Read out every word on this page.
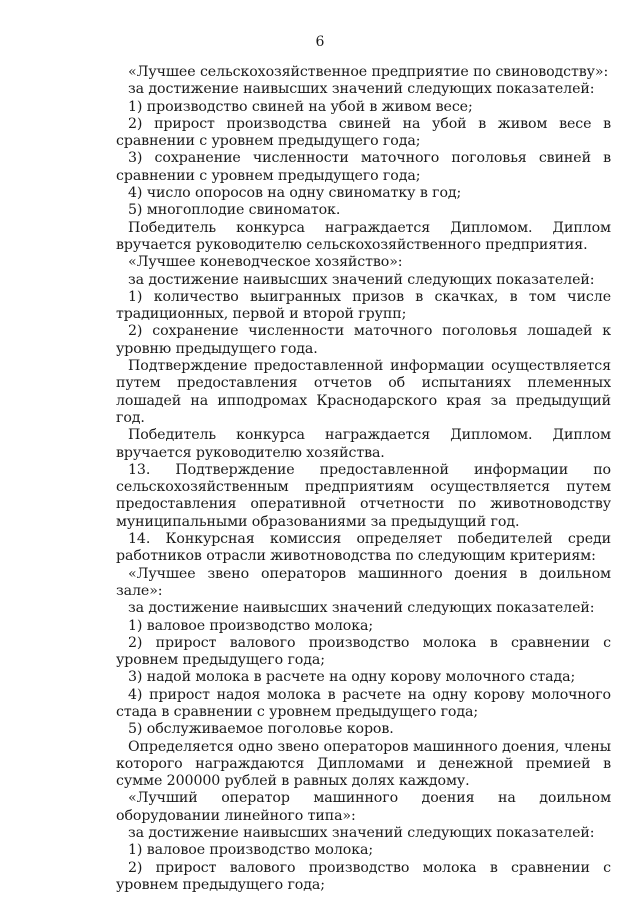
6

«Лучшее сельскохозяйственное предприятие по свиноводству»:

за достижение наивысших значений следующих показателей:

1) производство свиней на убой в живом весе;

2) прирост производства свиней на убой в живом весе в сравнении с уровнем предыдущего года;

3) сохранение численности маточного поголовья свиней в сравнении с уровнем предыдущего года;

4) число опоросов на одну свиноматку в год;

5) многоплодие свиноматок.

Победитель конкурса награждается Дипломом. Диплом вручается руководителю сельскохозяйственного предприятия.

«Лучшее коневодческое хозяйство»:

за достижение наивысших значений следующих показателей:

1) количество выигранных призов в скачках, в том числе традиционных, первой и второй групп;

2) сохранение численности маточного поголовья лошадей к уровню предыдущего года.

Подтверждение предоставленной информации осуществляется путем предоставления отчетов об испытаниях племенных лошадей на ипподромах Краснодарского края за предыдущий год.

Победитель конкурса награждается Дипломом. Диплом вручается руководителю хозяйства.

13. Подтверждение предоставленной информации по сельскохозяйственным предприятиям осуществляется путем предоставления оперативной отчетности по животноводству муниципальными образованиями за предыдущий год.

14. Конкурсная комиссия определяет победителей среди работников отрасли животноводства по следующим критериям:

«Лучшее звено операторов машинного доения в доильном зале»:

за достижение наивысших значений следующих показателей:

1) валовое производство молока;

2) прирост валового производство молока в сравнении с уровнем предыдущего года;

3) надой молока в расчете на одну корову молочного стада;

4) прирост надоя молока в расчете на одну корову молочного стада в сравнении с уровнем предыдущего года;

5) обслуживаемое поголовье коров.

Определяется одно звено операторов машинного доения, члены которого награждаются Дипломами и денежной премией в сумме 200000 рублей в равных долях каждому.

«Лучший оператор машинного доения на доильном оборудовании линейного типа»:

за достижение наивысших значений следующих показателей:

1) валовое производство молока;

2) прирост валового производство молока в сравнении с уровнем предыдущего года;
